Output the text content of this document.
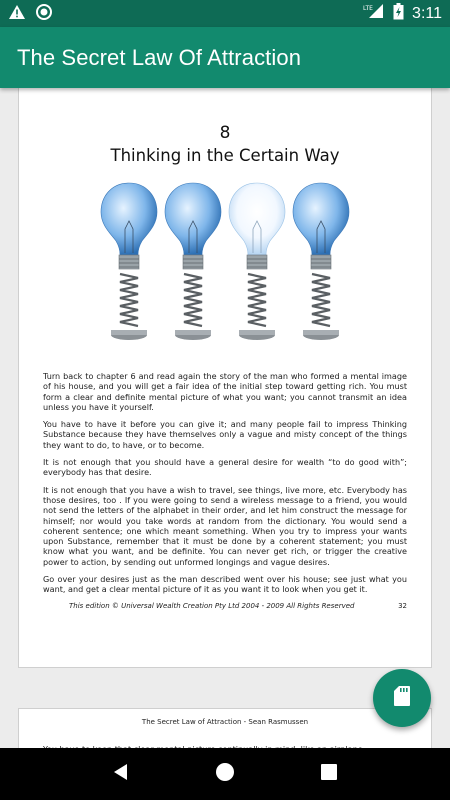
LTE 3:11
The Secret Law Of Attraction
8
Thinking in the Certain Way

Turn back to chapter 6 and read again the story of the man who formed a mental image of his house, and you will get a fair idea of the initial step toward getting rich. You must form a clear and definite mental picture of what you want; you cannot transmit an idea unless you have it yourself.

You have to have it before you can give it; and many people fail to impress Thinking Substance because they have themselves only a vague and misty concept of the things they want to do, to have, or to become.

It is not enough that you should have a general desire for wealth “to do good with”; everybody has that desire.

It is not enough that you have a wish to travel, see things, live more, etc. Everybody has those desires, too . If you were going to send a wireless message to a friend, you would not send the letters of the alphabet in their order, and let him construct the message for himself; nor would you take words at random from the dictionary. You would send a coherent sentence; one which meant something. When you try to impress your wants upon Substance, remember that it must be done by a coherent statement; you must know what you want, and be definite. You can never get rich, or trigger the creative power to action, by sending out unformed longings and vague desires.

Go over your desires just as the man described went over his house; see just what you want, and get a clear mental picture of it as you want it to look when you get it.

This edition © Universal Wealth Creation Pty Ltd 2004 - 2009 All Rights Reserved	32
The Secret Law of Attraction - Sean Rasmussen
